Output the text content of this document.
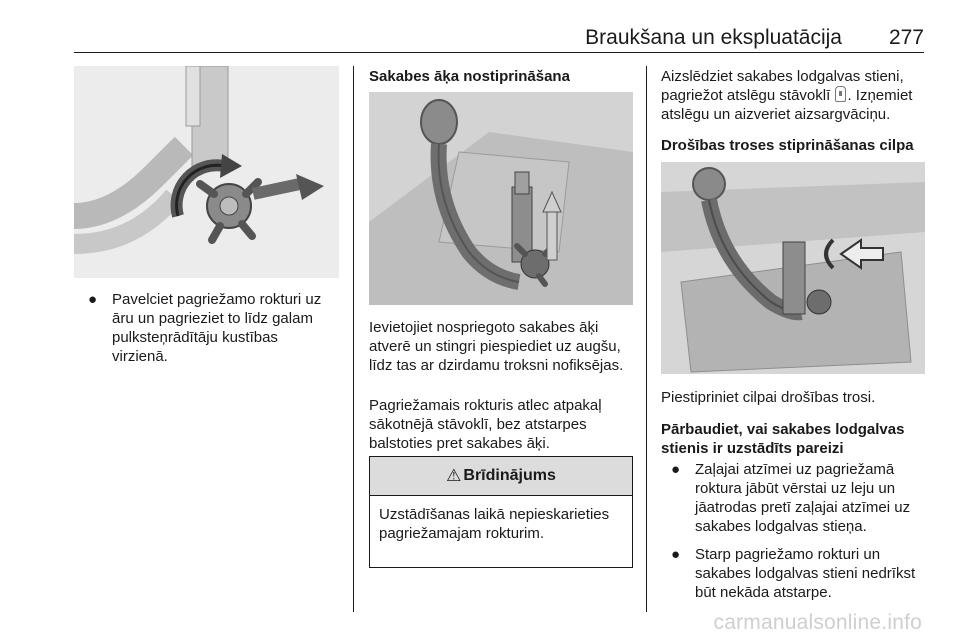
Braukšana un ekspluatācija 277
● Pavelciet pagriežamo rokturi uz āru un pagrieziet to līdz galam pulksteņrādītāju kustības virzienā.
Sakabes āķa nostiprināšana

Ievietojiet nospriegoto sakabes āķi atverē un stingri piespiediet uz augšu, līdz tas ar dzirdamu troksni nofiksējas.

Pagriežamais rokturis atlec atpakaļ sākotnējā stāvoklī, bez atstarpes balstoties pret sakabes āķi.

⚠ Brīdinājums
Uzstādīšanas laikā nepieskarieties pagriežamajam rokturim.

Aizslēdziet sakabes lodgalvas stieni, pagriežot atslēgu stāvoklī . Izņemiet atslēgu un aizveriet aizsargvāciņu.

Drošības troses stiprināšanas cilpa

Piestipriniet cilpai drošības trosi.

Pārbaudiet, vai sakabes lodgalvas stienis ir uzstādīts pareizi
● Zaļajai atzīmei uz pagriežamā roktura jābūt vērstai uz leju un jāatrodas pretī zaļajai atzīmei uz sakabes lodgalvas stieņa.
● Starp pagriežamo rokturi un sakabes lodgalvas stieni nedrīkst būt nekāda atstarpe.
carmanualsonline.info
